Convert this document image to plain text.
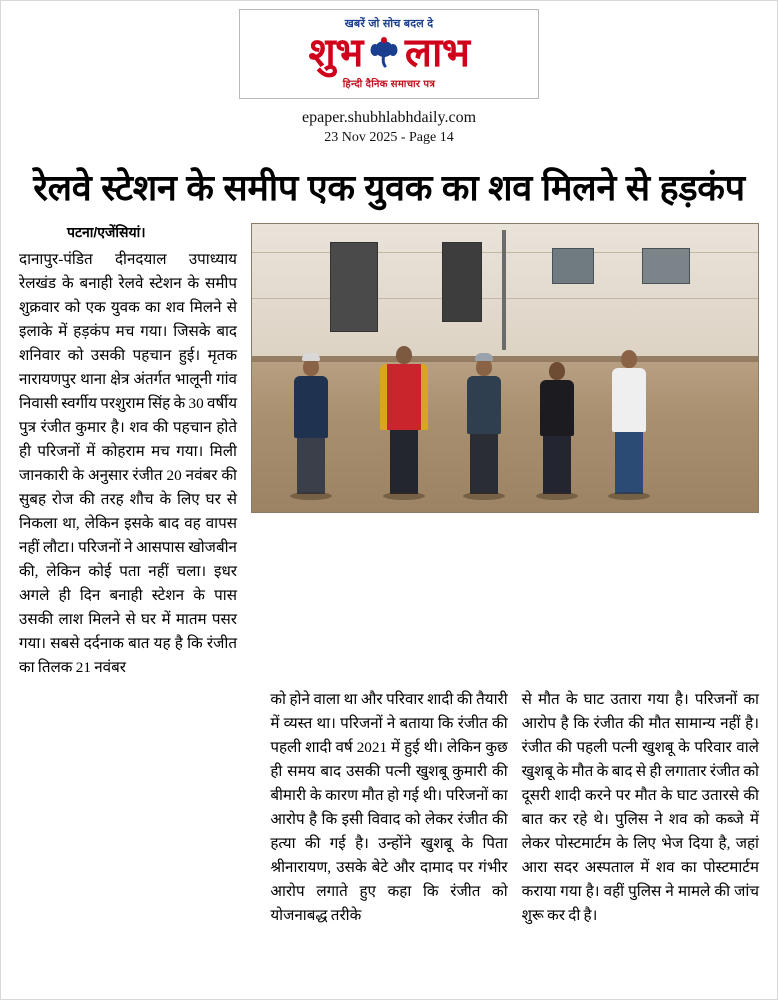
खबरें जो सोच बदल दे
शुभ लाभ
हिन्दी दैनिक समाचार पत्र
epaper.shubhlabhdaily.com
23 Nov 2025 - Page 14
रेलवे स्टेशन के समीप एक युवक का शव मिलने से हड़कंप
पटना/एजेंसियां।

दानापुर-पंडित दीनदयाल उपाध्याय रेलखंड के बनाही रेलवे स्टेशन के समीप शुक्रवार को एक युवक का शव मिलने से इलाके में हड़कंप मच गया। जिसके बाद शनिवार को उसकी पहचान हुई। मृतक नारायणपुर थाना क्षेत्र अंतर्गत भालूनी गांव निवासी स्वर्गीय परशुराम सिंह के 30 वर्षीय पुत्र रंजीत कुमार है। शव की पहचान होते ही परिजनों में कोहराम मच गया। मिली जानकारी के अनुसार रंजीत 20 नवंबर की सुबह रोज की तरह शौच के लिए घर से निकला था, लेकिन इसके बाद वह वापस नहीं लौटा। परिजनों ने आसपास खोजबीन की, लेकिन कोई पता नहीं चला। इधर अगले ही दिन बनाही स्टेशन के पास उसकी लाश मिलने से घर में मातम पसर गया। सबसे दर्दनाक बात यह है कि रंजीत का तिलक 21 नवंबर

को होने वाला था और परिवार शादी की तैयारी में व्यस्त था। परिजनों ने बताया कि रंजीत की पहली शादी वर्ष 2021 में हुई थी। लेकिन कुछ ही समय बाद उसकी पत्नी खुशबू कुमारी की बीमारी के कारण मौत हो गई थी। परिजनों का आरोप है कि इसी विवाद को लेकर रंजीत की हत्या की गई है। उन्होंने खुशबू के पिता श्रीनारायण, उसके बेटे और दामाद पर गंभीर आरोप लगाते हुए कहा कि रंजीत को योजनाबद्ध तरीके

से मौत के घाट उतारा गया है। परिजनों का आरोप है कि रंजीत की मौत सामान्य नहीं है। रंजीत की पहली पत्नी खुशबू के परिवार वाले खुशबू के मौत के बाद से ही लगातार रंजीत को दूसरी शादी करने पर मौत के घाट उतारसे की बात कर रहे थे। पुलिस ने शव को कब्जे में लेकर पोस्टमार्टम के लिए भेज दिया है, जहां आरा सदर अस्पताल में शव का पोस्टमार्टम कराया गया है। वहीं पुलिस ने मामले की जांच शुरू कर दी है।
